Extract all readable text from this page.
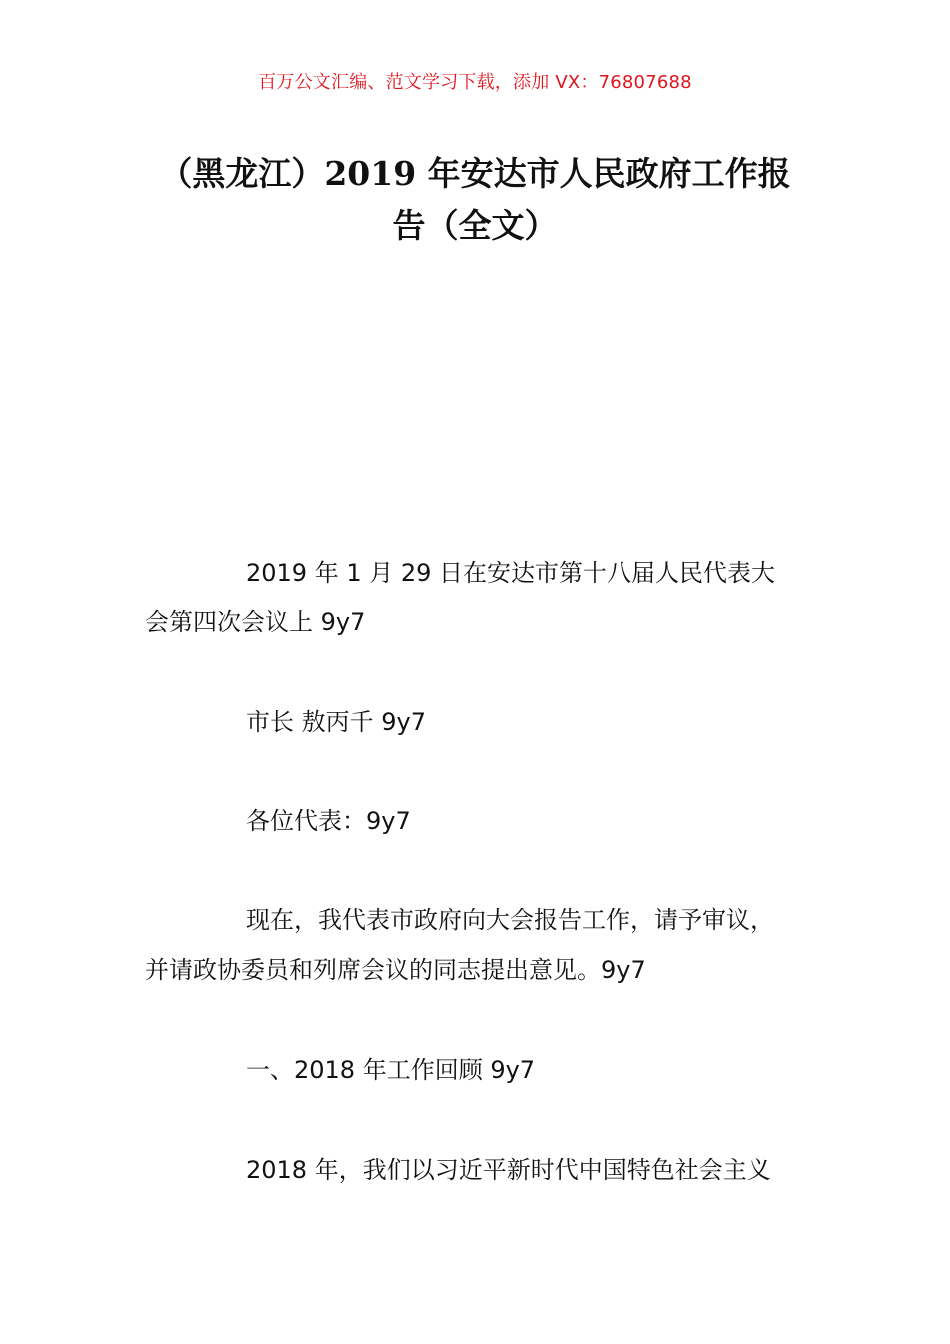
百万公文汇编、范文学习下载，添加 VX：76807688
（黑龙江）2019 年安达市人民政府工作报
告（全文）
2019 年 1 月 29 日在安达市第十八届人民代表大
会第四次会议上 9y7
市长 敖丙千 9y7
各位代表：9y7
现在，我代表市政府向大会报告工作，请予审议，
并请政协委员和列席会议的同志提出意见。9y7
一、2018 年工作回顾 9y7
2018 年，我们以习近平新时代中国特色社会主义
